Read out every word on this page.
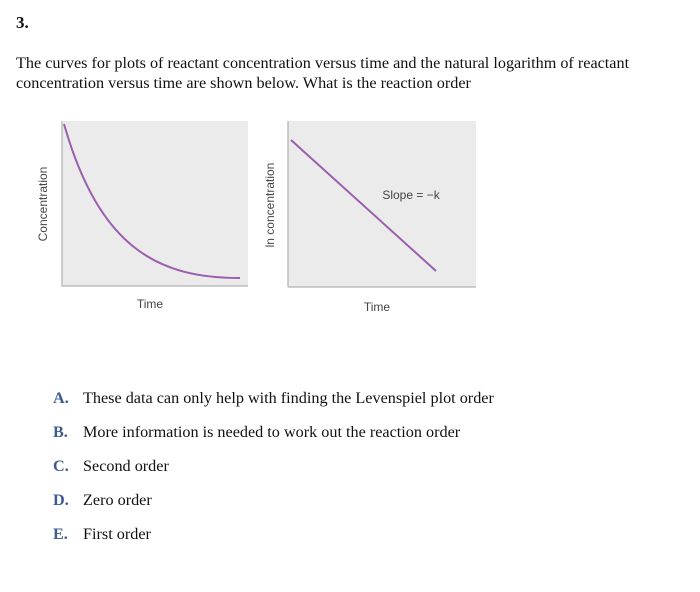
3.
The curves for plots of reactant concentration versus time and the natural logarithm of reactant concentration versus time are shown below. What is the reaction order
Concentration
Time
Slope = −k
ln concentration
Time
A. These data can only help with finding the Levenspiel plot order
B. More information is needed to work out the reaction order
C. Second order
D. Zero order
E. First order
